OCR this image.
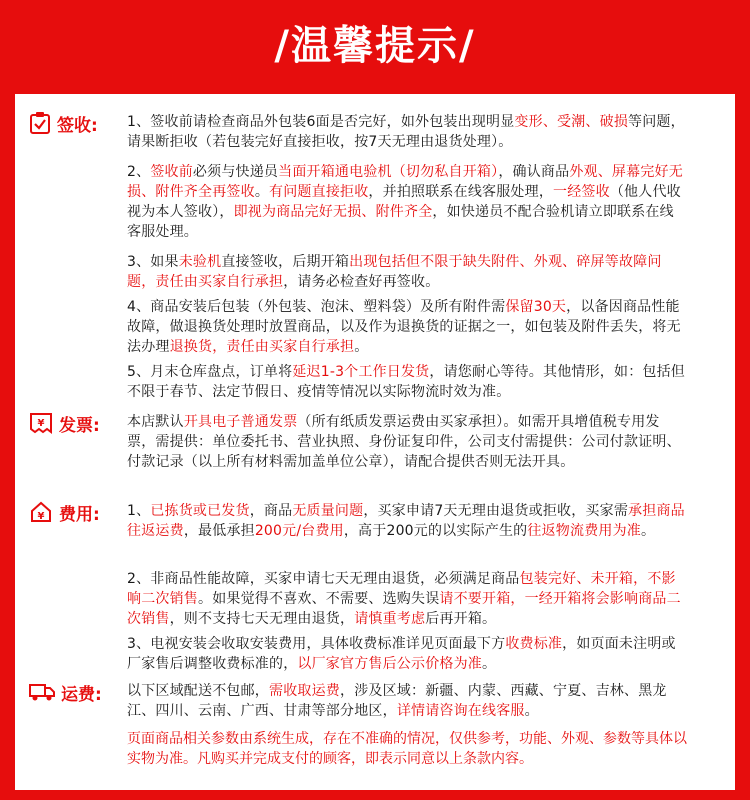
/温馨提示/
签收: 1、签收前请检查商品外包装6面是否完好，如外包装出现明显变形、受潮、破损等问题，请果断拒收（若包装完好直接拒收，按7天无理由退货处理）。
2、签收前必须与快递员当面开箱通电验机（切勿私自开箱），确认商品外观、屏幕完好无损、附件齐全再签收。有问题直接拒收，并拍照联系在线客服处理，一经签收（他人代收视为本人签收），即视为商品完好无损、附件齐全，如快递员不配合验机请立即联系在线客服处理。
3、如果未验机直接签收，后期开箱出现包括但不限于缺失附件、外观、碎屏等故障问题，责任由买家自行承担，请务必检查好再签收。
4、商品安装后包装（外包装、泡沫、塑料袋）及所有附件需保留30天，以备因商品性能故障，做退换货处理时放置商品，以及作为退换货的证据之一，如包装及附件丢失，将无法办理退换货，责任由买家自行承担。
5、月末仓库盘点，订单将延迟1-3个工作日发货，请您耐心等待。其他情形，如：包括但不限于春节、法定节假日、疫情等情况以实际物流时效为准。
¥ 发票: 本店默认开具电子普通发票（所有纸质发票运费由买家承担）。如需开具增值税专用发票，需提供：单位委托书、营业执照、身份证复印件，公司支付需提供：公司付款证明、付款记录（以上所有材料需加盖单位公章），请配合提供否则无法开具。
¥ 费用: 1、已拣货或已发货，商品无质量问题，买家申请7天无理由退货或拒收，买家需承担商品往返运费，最低承担200元/台费用，高于200元的以实际产生的往返物流费用为准。
2、非商品性能故障，买家申请七天无理由退货，必须满足商品包装完好、未开箱，不影响二次销售。如果觉得不喜欢、不需要、选购失误请不要开箱，一经开箱将会影响商品二次销售，则不支持七天无理由退货，请慎重考虑后再开箱。
3、电视安装会收取安装费用，具体收费标准详见页面最下方收费标准，如页面未注明或厂家售后调整收费标准的，以厂家官方售后公示价格为准。
运费: 以下区域配送不包邮，需收取运费，涉及区域：新疆、内蒙、西藏、宁夏、吉林、黑龙江、四川、云南、广西、甘肃等部分地区，详情请咨询在线客服。
页面商品相关参数由系统生成，存在不准确的情况，仅供参考，功能、外观、参数等具体以实物为准。凡购买并完成支付的顾客，即表示同意以上条款内容。
